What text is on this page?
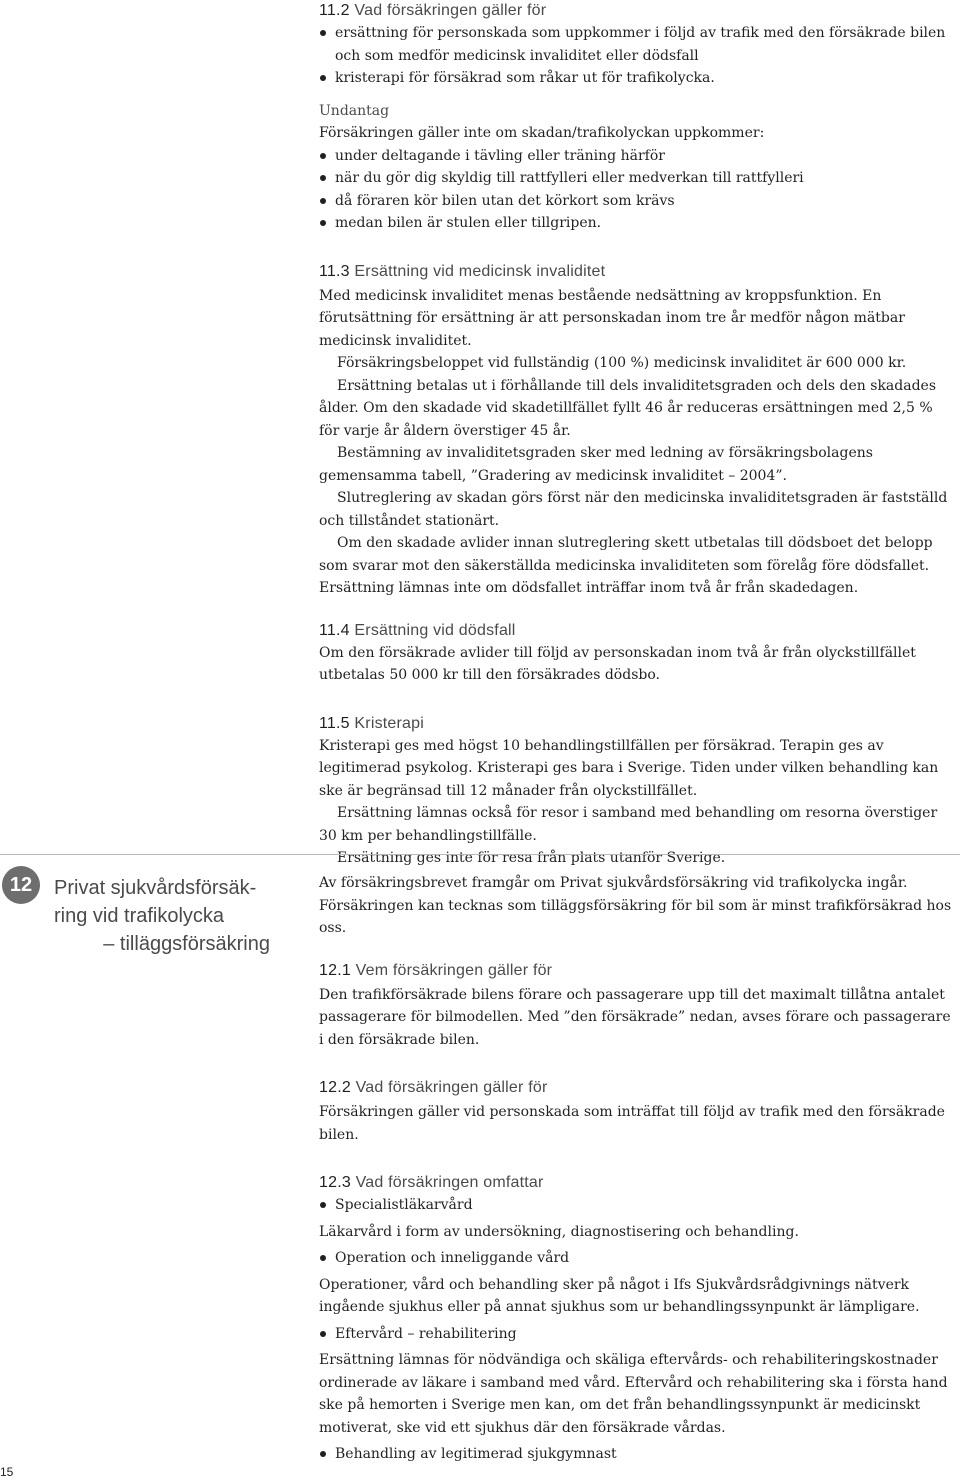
11.2 Vad försäkringen gäller för
ersättning för personskada som uppkommer i följd av trafik med den försäkrade bilen och som medför medicinsk invaliditet eller dödsfall
kristerapi för försäkrad som råkar ut för trafikolycka.
Undantag

Försäkringen gäller inte om skadan/trafikolyckan uppkommer:

under deltagande i tävling eller träning härför
när du gör dig skyldig till rattfylleri eller medverkan till rattfylleri
då föraren kör bilen utan det körkort som krävs
medan bilen är stulen eller tillgripen.
11.3 Ersättning vid medicinsk invaliditet

Med medicinsk invaliditet menas bestående nedsättning av kroppsfunktion. En förutsättning för ersättning är att personskadan inom tre år medför någon mätbar medicinsk invaliditet.

Försäkringsbeloppet vid fullständig (100 %) medicinsk invaliditet är 600 000 kr.

Ersättning betalas ut i förhållande till dels invaliditetsgraden och dels den skadades ålder. Om den skadade vid skadetillfället fyllt 46 år reduceras ersättningen med 2,5 % för varje år åldern överstiger 45 år.

Bestämning av invaliditetsgraden sker med ledning av försäkringsbolagens gemensamma tabell, ”Gradering av medicinsk invaliditet – 2004”.

Slutreglering av skadan görs först när den medicinska invaliditetsgraden är fastställd och tillståndet stationärt.

Om den skadade avlider innan slutreglering skett utbetalas till dödsboet det belopp som svarar mot den säkerställda medicinska invaliditeten som förelåg före dödsfallet. Ersättning lämnas inte om dödsfallet inträffar inom två år från skadedagen.

11.4 Ersättning vid dödsfall

Om den försäkrade avlider till följd av personskadan inom två år från olyckstillfället utbetalas 50 000 kr till den försäkrades dödsbo.

11.5 Kristerapi

Kristerapi ges med högst 10 behandlingstillfällen per försäkrad. Terapin ges av legitimerad psykolog. Kristerapi ges bara i Sverige. Tiden under vilken behandling kan ske är begränsad till 12 månader från olyckstillfället.

Ersättning lämnas också för resor i samband med behandling om resorna överstiger 30 km per behandlingstillfälle.

Ersättning ges inte för resa från plats utanför Sverige.

12	Privat sjukvårdsförsäk-
ring vid trafikolycka
– tilläggsförsäkring

Av försäkringsbrevet framgår om Privat sjukvårdsförsäkring vid trafikolycka ingår. Försäkringen kan tecknas som tilläggsförsäkring för bil som är minst trafikförsäkrad hos oss.

12.1 Vem försäkringen gäller för

Den trafikförsäkrade bilens förare och passagerare upp till det maximalt tillåtna antalet passagerare för bilmodellen. Med ”den försäkrade” nedan, avses förare och passagerare i den försäkrade bilen.

12.2 Vad försäkringen gäller för

Försäkringen gäller vid personskada som inträffat till följd av trafik med den försäkrade bilen.

12.3 Vad försäkringen omfattar
Specialistläkarvård

Läkarvård i form av undersökning, diagnostisering och behandling.

Operation och inneliggande vård

Operationer, vård och behandling sker på något i Ifs Sjukvårdsrådgivnings nätverk ingående sjukhus eller på annat sjukhus som ur behandlingssynpunkt är lämpligare.

Eftervård – rehabilitering

Ersättning lämnas för nödvändiga och skäliga eftervårds- och rehabiliteringskostnader ordinerade av läkare i samband med vård. Eftervård och rehabilitering ska i första hand ske på hemorten i Sverige men kan, om det från behandlingssynpunkt är medicinskt motiverat, ske vid ett sjukhus där den försäkrade vårdas.

Behandling av legitimerad sjukgymnast
15
